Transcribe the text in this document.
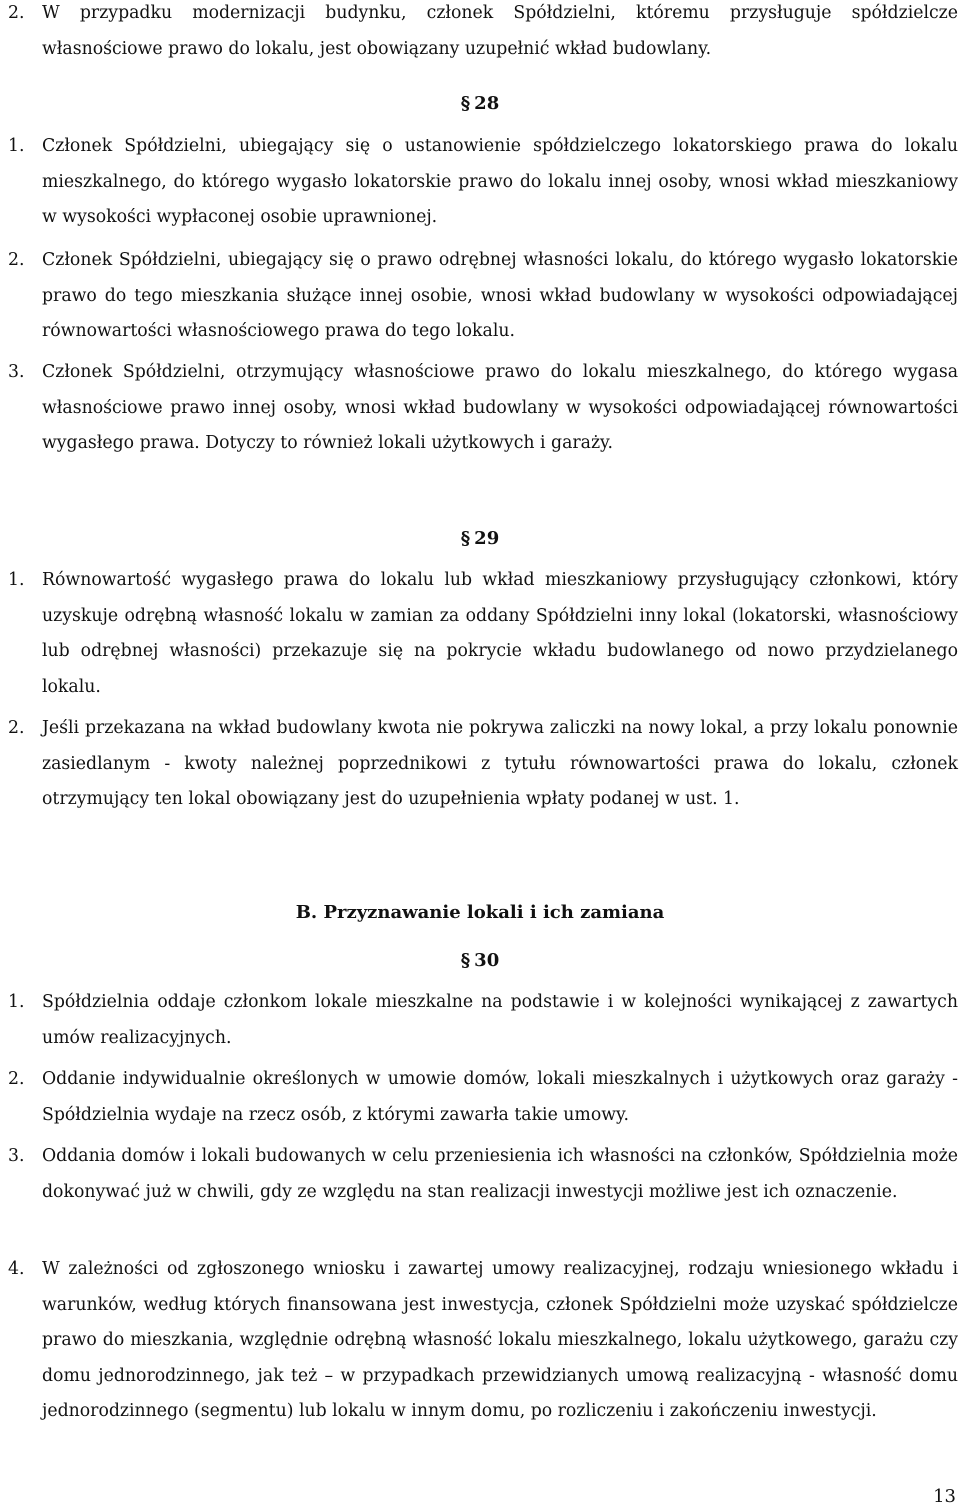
2.	W przypadku modernizacji budynku, członek Spółdzielni, któremu przysługuje spółdzielcze własnościowe prawo do lokalu, jest obowiązany uzupełnić wkład budowlany.
§ 28
1.	Członek Spółdzielni, ubiegający się o ustanowienie spółdzielczego lokatorskiego prawa do lokalu mieszkalnego, do którego wygasło lokatorskie prawo do lokalu innej osoby, wnosi wkład mieszkaniowy w wysokości wypłaconej osobie uprawnionej.
2.	Członek Spółdzielni, ubiegający się o prawo odrębnej własności lokalu, do którego wygasło lokatorskie prawo do tego mieszkania służące innej osobie, wnosi wkład budowlany w wysokości odpowiadającej równowartości własnościowego prawa do tego lokalu.
3.	Członek Spółdzielni, otrzymujący własnościowe prawo do lokalu mieszkalnego, do którego wygasa własnościowe prawo innej osoby, wnosi wkład budowlany w wysokości odpowiadającej równowartości wygasłego prawa. Dotyczy to również lokali użytkowych i garaży.
§ 29
1.	Równowartość wygasłego prawa do lokalu lub wkład mieszkaniowy przysługujący członkowi, który uzyskuje odrębną własność lokalu w zamian za oddany Spółdzielni inny lokal (lokatorski, własnościowy lub odrębnej własności) przekazuje się na pokrycie wkładu budowlanego od nowo przydzielanego lokalu.
2.	Jeśli przekazana na wkład budowlany kwota nie pokrywa zaliczki na nowy lokal, a przy lokalu ponownie zasiedlanym - kwoty należnej poprzednikowi z tytułu równowartości prawa do lokalu, członek otrzymujący ten lokal obowiązany jest do uzupełnienia wpłaty podanej w ust. 1.
B. Przyznawanie lokali i ich zamiana
§ 30
1.	Spółdzielnia oddaje członkom lokale mieszkalne na podstawie i w kolejności wynikającej z zawartych umów realizacyjnych.
2.	Oddanie indywidualnie określonych w umowie domów, lokali mieszkalnych i użytkowych oraz garaży - Spółdzielnia wydaje na rzecz osób, z którymi zawarła takie umowy.
3.	Oddania domów i lokali budowanych w celu przeniesienia ich własności na członków, Spółdzielnia może dokonywać już w chwili, gdy ze względu na stan realizacji inwestycji możliwe jest ich oznaczenie.
4.	W zależności od zgłoszonego wniosku i zawartej umowy realizacyjnej, rodzaju wniesionego wkładu i warunków, według których finansowana jest inwestycja, członek Spółdzielni może uzyskać spółdzielcze prawo do mieszkania, względnie odrębną własność lokalu mieszkalnego, lokalu użytkowego, garażu czy domu jednorodzinnego, jak też – w przypadkach przewidzianych umową realizacyjną - własność domu jednorodzinnego (segmentu) lub lokalu w innym domu, po rozliczeniu i zakończeniu inwestycji.
13
